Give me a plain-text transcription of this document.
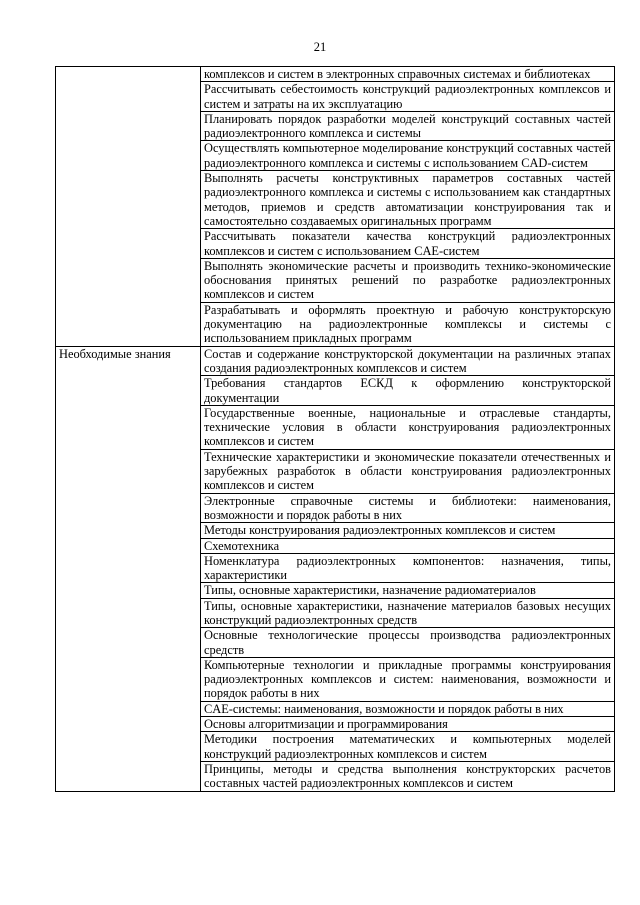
21
	комплексов и систем в электронных справочных системах и библиотеках
	Рассчитывать себестоимость конструкций радиоэлектронных комплексов и систем и затраты на их эксплуатацию
	Планировать порядок разработки моделей конструкций составных частей радиоэлектронного комплекса и системы
	Осуществлять компьютерное моделирование конструкций составных частей радиоэлектронного комплекса и системы с использованием CAD-систем
	Выполнять расчеты конструктивных параметров составных частей радиоэлектронного комплекса и системы с использованием как стандартных методов, приемов и средств автоматизации конструирования так и самостоятельно создаваемых оригинальных программ
	Рассчитывать показатели качества конструкций радиоэлектронных комплексов и систем с использованием CAE-систем
	Выполнять экономические расчеты и производить технико-экономические обоснования принятых решений по разработке радиоэлектронных комплексов и систем
	Разрабатывать и оформлять проектную и рабочую конструкторскую документацию на радиоэлектронные комплексы и системы с использованием прикладных программ
Необходимые знания	Состав и содержание конструкторской документации на различных этапах создания радиоэлектронных комплексов и систем
	Требования стандартов ЕСКД к оформлению конструкторской документации
	Государственные военные, национальные и отраслевые стандарты, технические условия в области конструирования радиоэлектронных комплексов и систем
	Технические характеристики и экономические показатели отечественных и зарубежных разработок в области конструирования радиоэлектронных комплексов и систем
	Электронные справочные системы и библиотеки: наименования, возможности и порядок работы в них
	Методы конструирования радиоэлектронных комплексов и систем
	Схемотехника
	Номенклатура радиоэлектронных компонентов: назначения, типы, характеристики
	Типы, основные характеристики, назначение радиоматериалов
	Типы, основные характеристики, назначение материалов базовых несущих конструкций радиоэлектронных средств
	Основные технологические процессы производства радиоэлектронных средств
	Компьютерные технологии и прикладные программы конструирования радиоэлектронных комплексов и систем: наименования, возможности и порядок работы в них
	CAE-системы: наименования, возможности и порядок работы в них
	Основы алгоритмизации и программирования
	Методики построения математических и компьютерных моделей конструкций радиоэлектронных комплексов и систем
	Принципы, методы и средства выполнения конструкторских расчетов составных частей радиоэлектронных комплексов и систем
